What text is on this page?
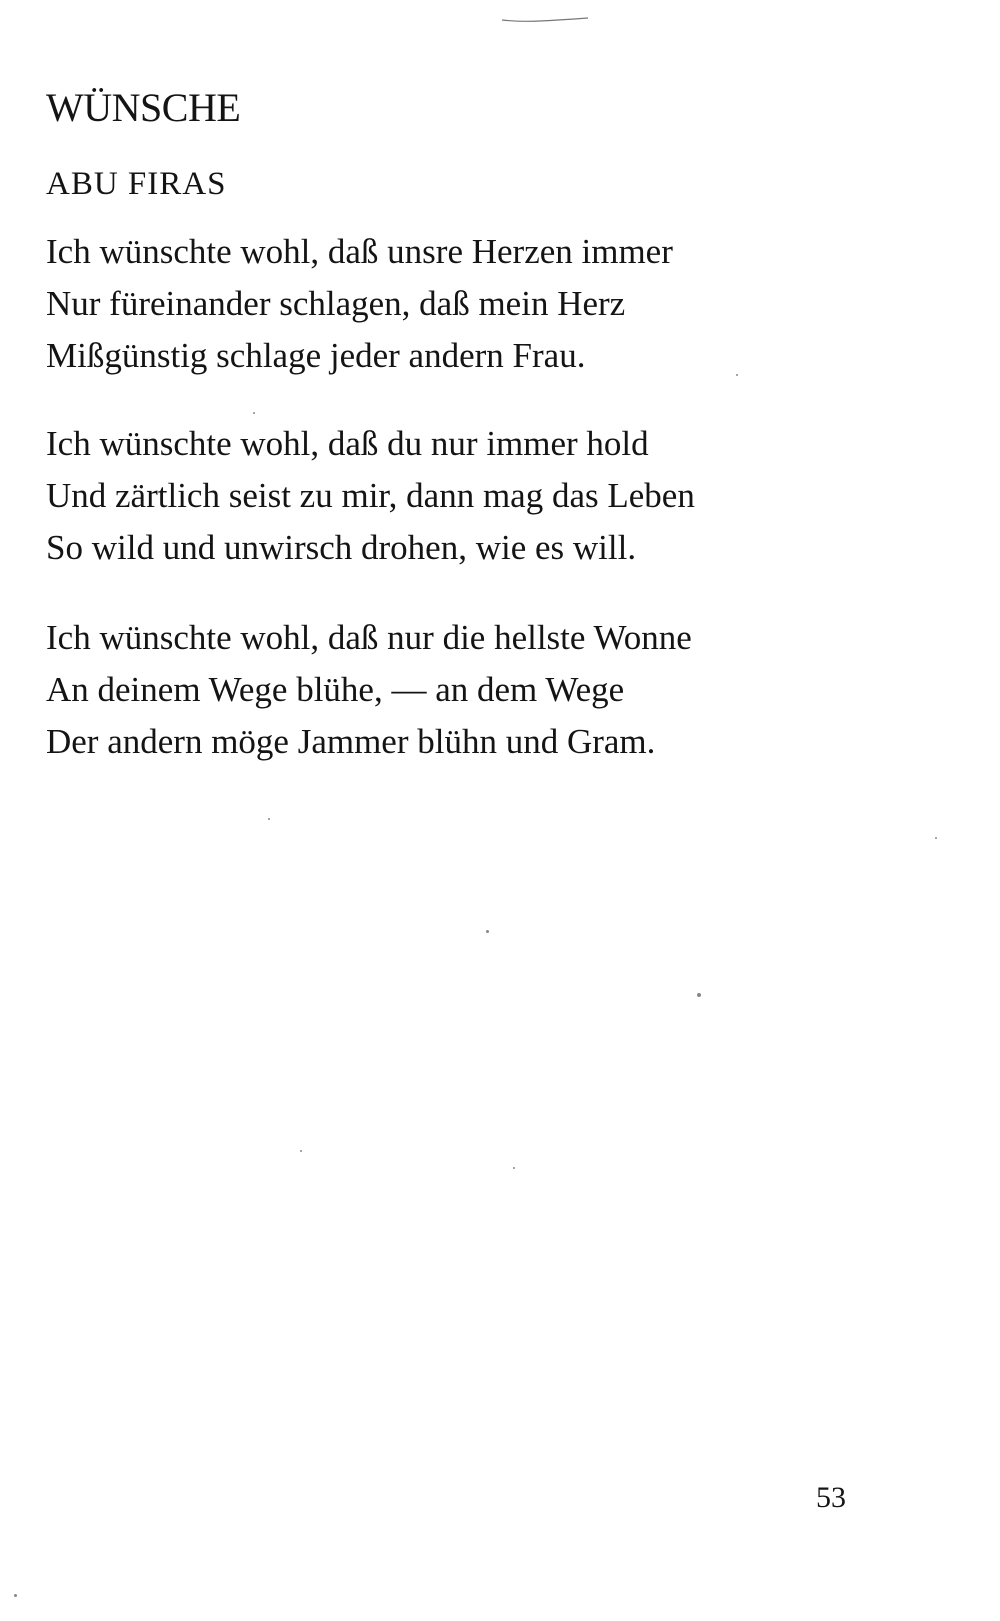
WÜNSCHE
ABU FIRAS
Ich wünschte wohl, daß unsre Herzen immer
Nur füreinander schlagen, daß mein Herz
Mißgünstig schlage jeder andern Frau.
Ich wünschte wohl, daß du nur immer hold
Und zärtlich seist zu mir, dann mag das Leben
So wild und unwirsch drohen, wie es will.
Ich wünschte wohl, daß nur die hellste Wonne
An deinem Wege blühe, — an dem Wege
Der andern möge Jammer blühn und Gram.
53
